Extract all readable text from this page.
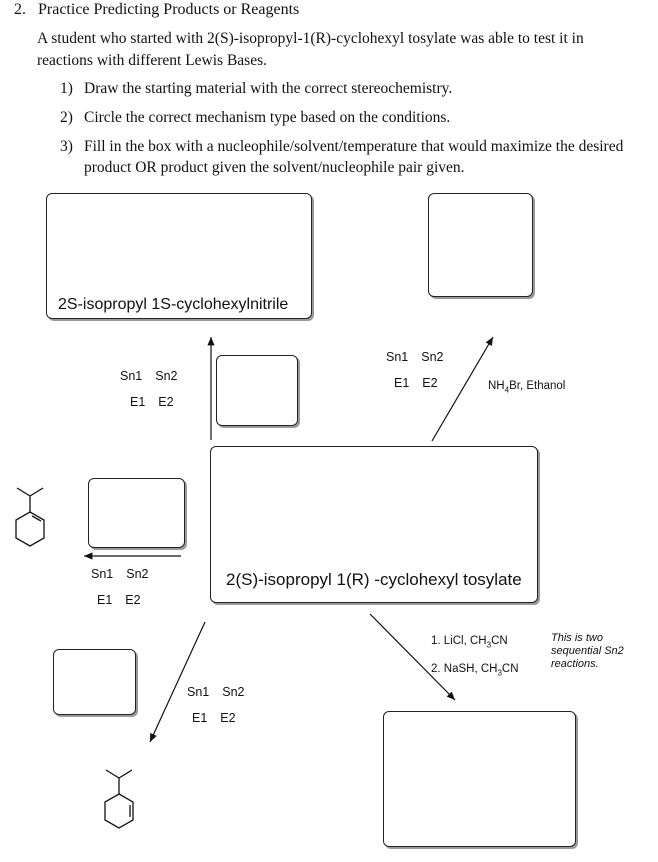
2. Practice Predicting Products or Reagents
A student who started with 2(S)-isopropyl-1(R)-cyclohexyl tosylate was able to test it in reactions with different Lewis Bases.
1) Draw the starting material with the correct stereochemistry.
2) Circle the correct mechanism type based on the conditions.
3) Fill in the box with a nucleophile/solvent/temperature that would maximize the desired product OR product given the solvent/nucleophile pair given.
2S-isopropyl 1S-cyclohexylnitrile
2(S)-isopropyl 1(R) -cyclohexyl tosylate
Sn1 Sn2
E1 E2
Sn1 Sn2
E1 E2
Sn1 Sn2
E1 E2
Sn1 Sn2
E1 E2
$NH_4Br$, Ethanol
1. LiCl, $CH_3CN$
2. NaSH, $CH_3CN$
This is two sequential Sn2 reactions.
